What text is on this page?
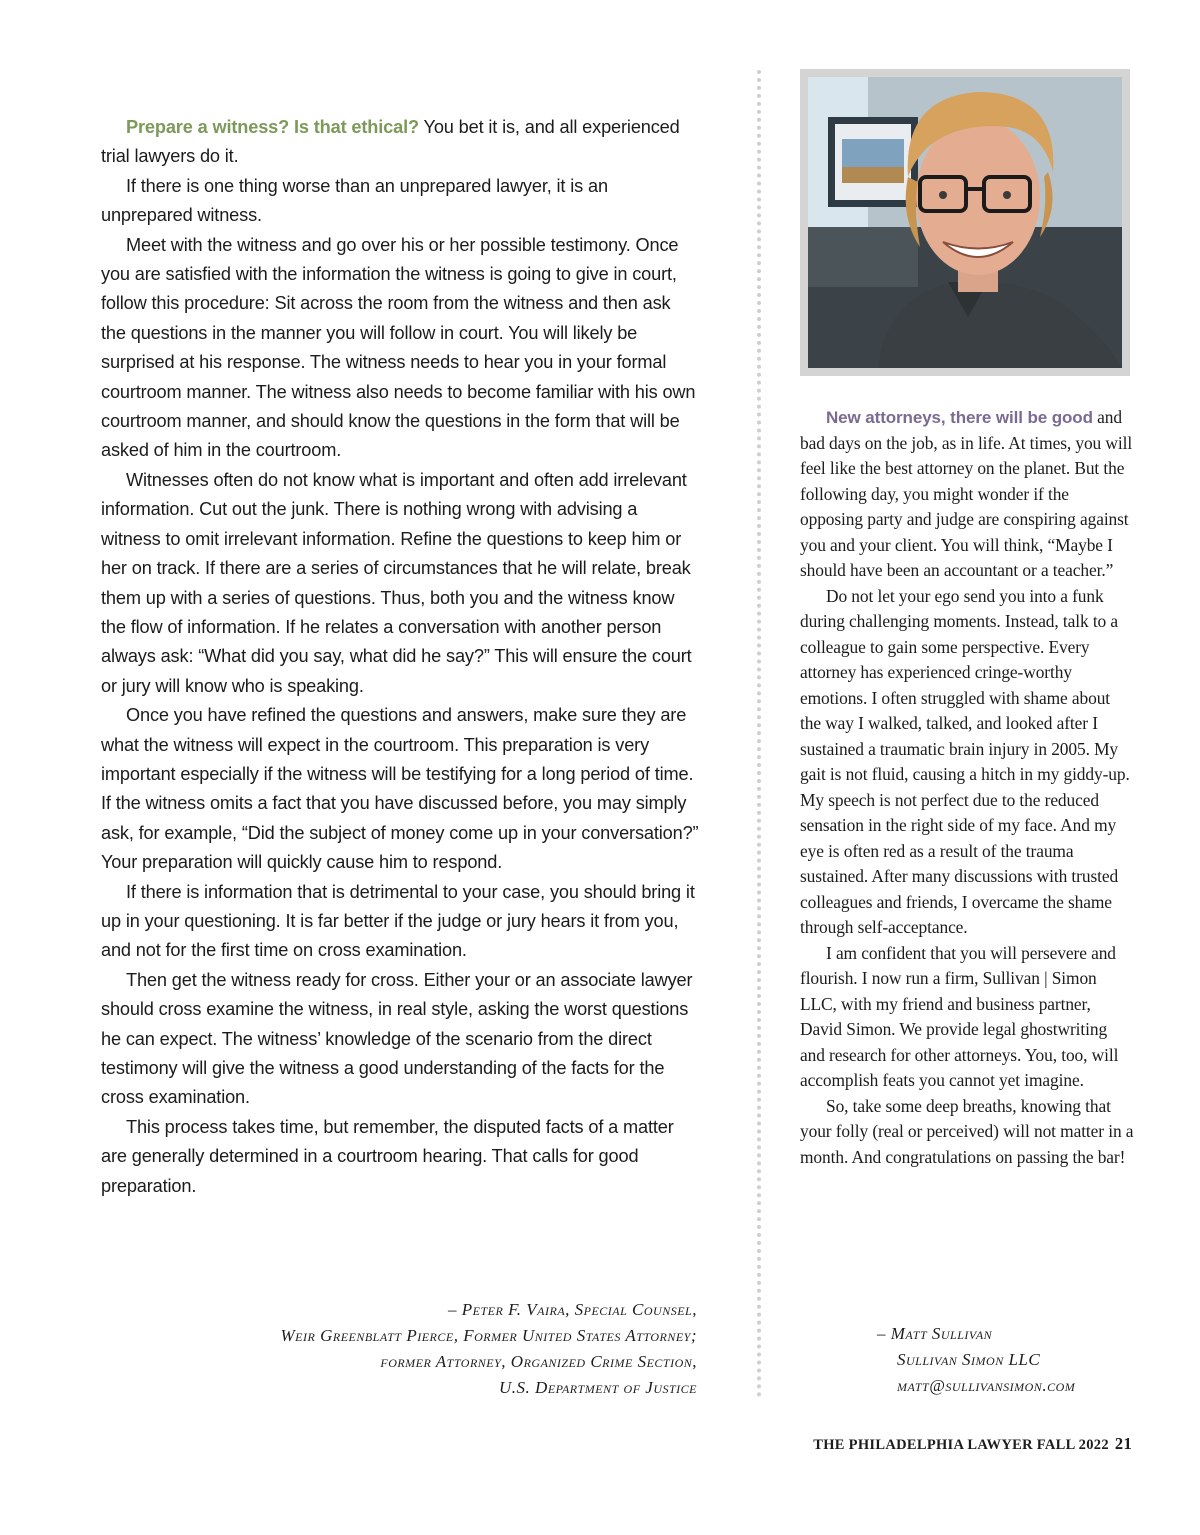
Prepare a witness? Is that ethical? You bet it is, and all experienced trial lawyers do it.

If there is one thing worse than an unprepared lawyer, it is an unprepared witness.

Meet with the witness and go over his or her possible testimony. Once you are satisfied with the information the witness is going to give in court, follow this procedure: Sit across the room from the witness and then ask the questions in the manner you will follow in court. You will likely be surprised at his response. The witness needs to hear you in your formal courtroom manner. The witness also needs to become familiar with his own courtroom manner, and should know the questions in the form that will be asked of him in the courtroom.

Witnesses often do not know what is important and often add irrelevant information. Cut out the junk. There is nothing wrong with advising a witness to omit irrelevant information. Refine the questions to keep him or her on track. If there are a series of circumstances that he will relate, break them up with a series of questions. Thus, both you and the witness know the flow of information. If he relates a conversation with another person always ask: “What did you say, what did he say?” This will ensure the court or jury will know who is speaking.

Once you have refined the questions and answers, make sure they are what the witness will expect in the courtroom. This preparation is very important especially if the witness will be testifying for a long period of time. If the witness omits a fact that you have discussed before, you may simply ask, for example, “Did the subject of money come up in your conversation?” Your preparation will quickly cause him to respond.

If there is information that is detrimental to your case, you should bring it up in your questioning. It is far better if the judge or jury hears it from you, and not for the first time on cross examination.

Then get the witness ready for cross. Either your or an associate lawyer should cross examine the witness, in real style, asking the worst questions he can expect. The witness’ knowledge of the scenario from the direct testimony will give the witness a good understanding of the facts for the cross examination.

This process takes time, but remember, the disputed facts of a matter are generally determined in a courtroom hearing. That calls for good preparation.

– Peter F. Vaira, Special Counsel,
Weir Greenblatt Pierce, Former United States Attorney;
former Attorney, Organized Crime Section,
U.S. Department of Justice

New attorneys, there will be good and bad days on the job, as in life. At times, you will feel like the best attorney on the planet. But the following day, you might wonder if the opposing party and judge are conspiring against you and your client. You will think, “Maybe I should have been an accountant or a teacher.”

Do not let your ego send you into a funk during challenging moments. Instead, talk to a colleague to gain some perspective. Every attorney has experienced cringe-worthy emotions. I often struggled with shame about the way I walked, talked, and looked after I sustained a traumatic brain injury in 2005. My gait is not fluid, causing a hitch in my giddy-up. My speech is not perfect due to the reduced sensation in the right side of my face. And my eye is often red as a result of the trauma sustained. After many discussions with trusted colleagues and friends, I overcame the shame through self-acceptance.

I am confident that you will persevere and flourish. I now run a firm, Sullivan | Simon LLC, with my friend and business partner, David Simon. We provide legal ghostwriting and research for other attorneys. You, too, will accomplish feats you cannot yet imagine.

So, take some deep breaths, knowing that your folly (real or perceived) will not matter in a month. And congratulations on passing the bar!

– Matt Sullivan
Sullivan Simon LLC
matt@sullivansimon.com
THE PHILADELPHIA LAWYER FALL 2022 21
